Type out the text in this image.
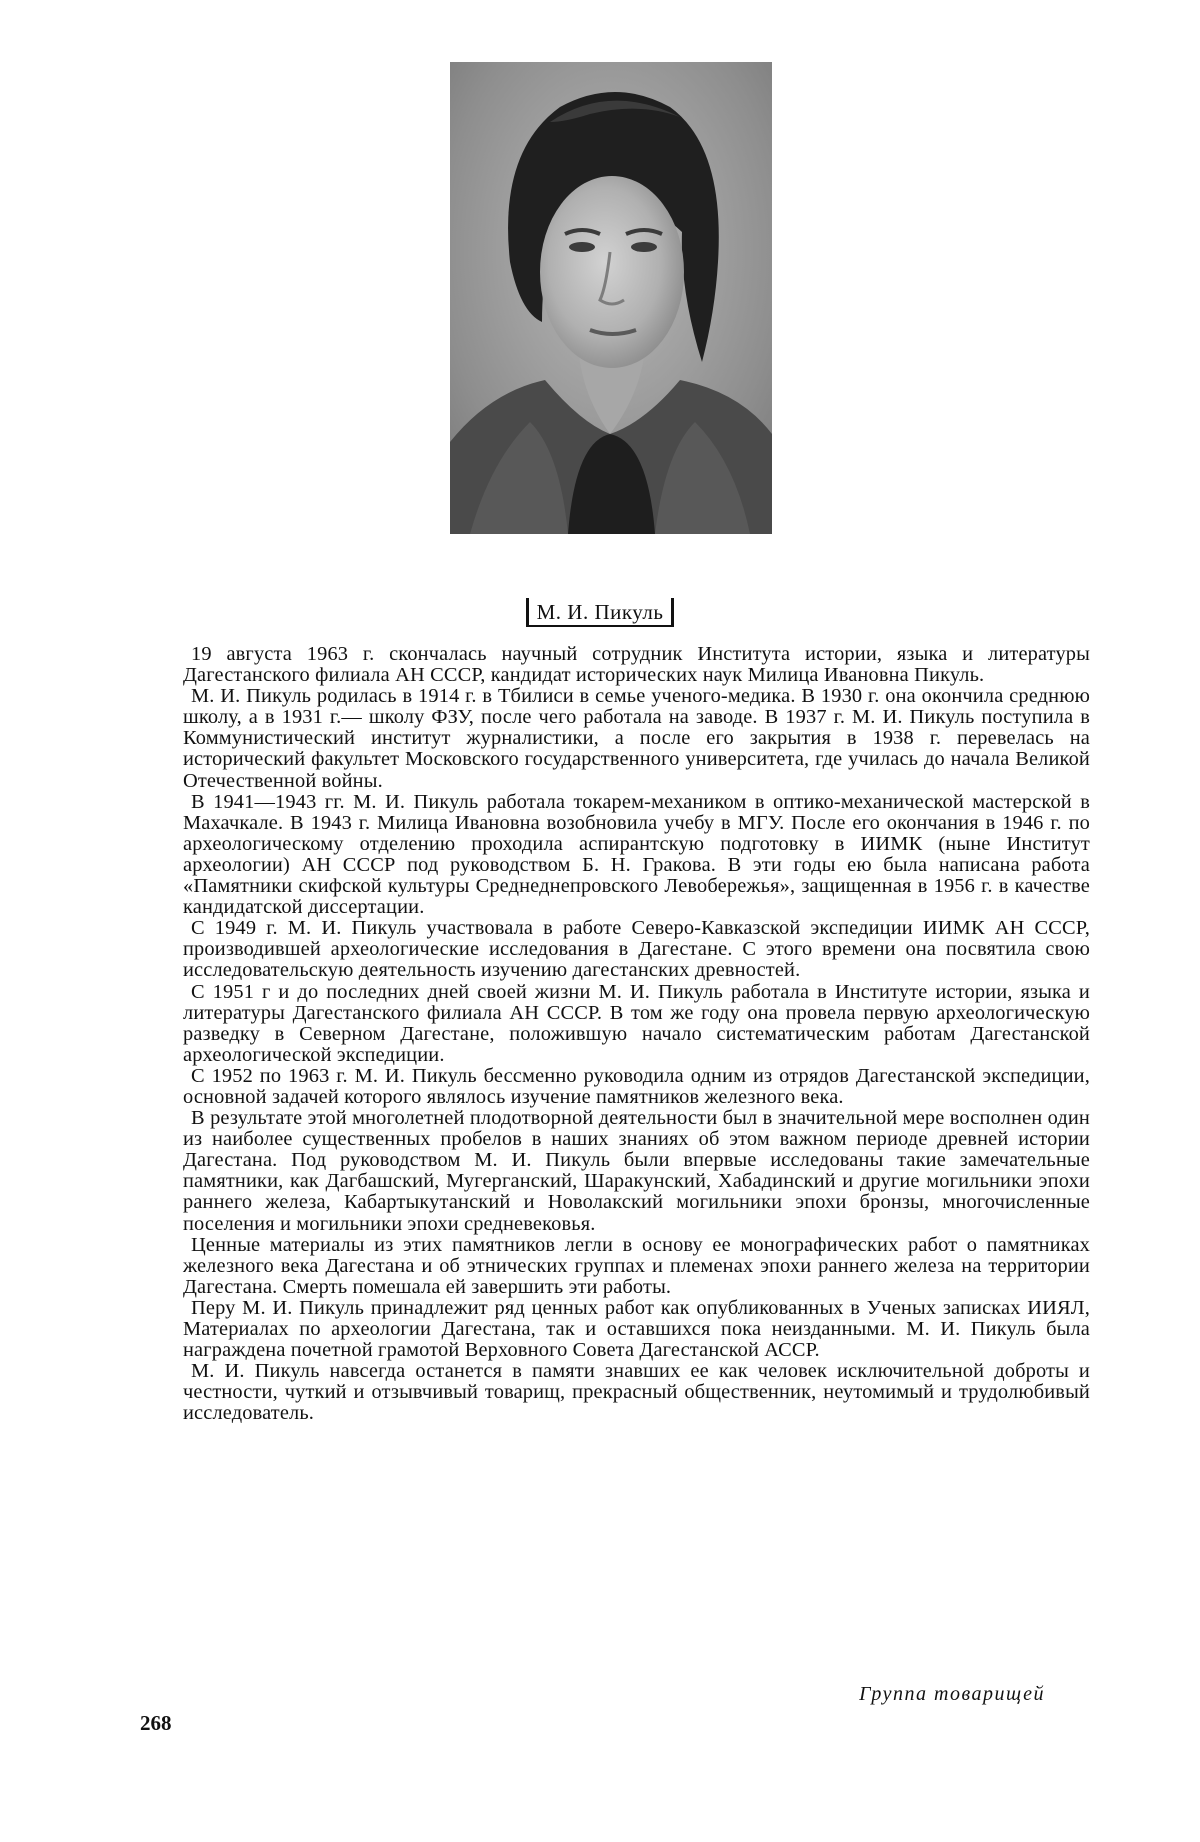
М. И. Пикуль

19 августа 1963 г. скончалась научный сотрудник Института истории, языка и литературы Дагестанского филиала АН СССР, кандидат исторических наук Милица Ивановна Пикуль.

М. И. Пикуль родилась в 1914 г. в Тбилиси в семье ученого-медика. В 1930 г. она окончила среднюю школу, а в 1931 г.— школу ФЗУ, после чего работала на заводе. В 1937 г. М. И. Пикуль поступила в Коммунистический институт журналистики, а после его закрытия в 1938 г. перевелась на исторический факультет Московского государственного университета, где училась до начала Великой Отечественной войны.

В 1941—1943 гг. М. И. Пикуль работала токарем-механиком в оптико-механической мастерской в Махачкале. В 1943 г. Милица Ивановна возобновила учебу в МГУ. После его окончания в 1946 г. по археологическому отделению проходила аспирантскую подготовку в ИИМК (ныне Институт археологии) АН СССР под руководством Б. Н. Гракова. В эти годы ею была написана работа «Памятники скифской культуры Среднеднепровского Левобережья», защищенная в 1956 г. в качестве кандидатской диссертации.

С 1949 г. М. И. Пикуль участвовала в работе Северо-Кавказской экспедиции ИИМК АН СССР, производившей археологические исследования в Дагестане. С этого времени она посвятила свою исследовательскую деятельность изучению дагестанских древностей.

С 1951 г и до последних дней своей жизни М. И. Пикуль работала в Институте истории, языка и литературы Дагестанского филиала АН СССР. В том же году она провела первую археологическую разведку в Северном Дагестане, положившую начало систематическим работам Дагестанской археологической экспедиции.

С 1952 по 1963 г. М. И. Пикуль бессменно руководила одним из отрядов Дагестанской экспедиции, основной задачей которого являлось изучение памятников железного века.

В результате этой многолетней плодотворной деятельности был в значительной мере восполнен один из наиболее существенных пробелов в наших знаниях об этом важном периоде древней истории Дагестана. Под руководством М. И. Пикуль были впервые исследованы такие замечательные памятники, как Дагбашский, Мугерганский, Шаракунский, Хабадинский и другие могильники эпохи раннего железа, Кабартыкутанский и Новолакский могильники эпохи бронзы, многочисленные поселения и могильники эпохи средневековья.

Ценные материалы из этих памятников легли в основу ее монографических работ о памятниках железного века Дагестана и об этнических группах и племенах эпохи раннего железа на территории Дагестана. Смерть помешала ей завершить эти работы.

Перу М. И. Пикуль принадлежит ряд ценных работ как опубликованных в Ученых записках ИИЯЛ, Материалах по археологии Дагестана, так и оставшихся пока неизданными. М. И. Пикуль была награждена почетной грамотой Верховного Совета Дагестанской АССР.

М. И. Пикуль навсегда останется в памяти знавших ее как человек исключительной доброты и честности, чуткий и отзывчивый товарищ, прекрасный общественник, неутомимый и трудолюбивый исследователь.

Группа товарищей
268
